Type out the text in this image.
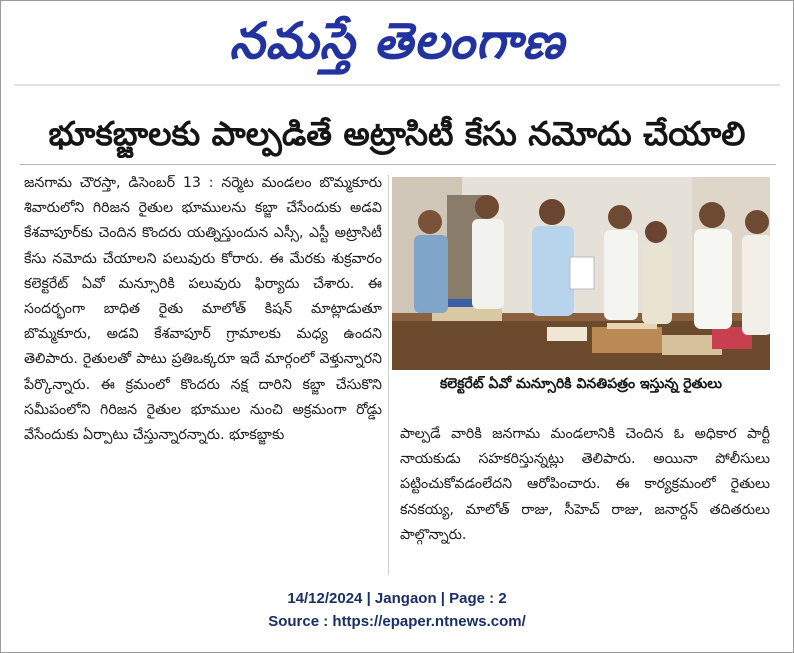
నమస్తే తెలంగాణ
భూకబ్జాలకు పాల్పడితే అట్రాసిటీ కేసు నమోదు చేయాలి

జనగామ చౌరస్తా, డిసెంబర్ 13 : నర్మెట మండలం బొమ్మకూరు శివారులోని గిరిజన రైతుల భూములను కబ్జా చేసేందుకు అడవి కేశవాపూర్‌కు చెందిన కొందరు యత్నిస్తుందున ఎస్సీ, ఎస్టీ అట్రాసిటీ కేసు నమోదు చేయాలని పలువురు కోరారు. ఈ మేరకు శుక్రవారం కలెక్టరేట్ ఏవో మన్సూరికి పలువురు ఫిర్యాదు చేశారు. ఈ సందర్భంగా బాధిత రైతు మాలోత్ కిషన్ మాట్లాడుతూ బొమ్మకూరు, అడవి కేశవాపూర్ గ్రామాలకు మధ్య ఉందని తెలిపారు. రైతులతో పాటు ప్రతిఒక్కరూ ఇదే మార్గంలో వెళ్తున్నారని పేర్కొన్నారు. ఈ క్రమంలో కొందరు నక్ష దారిని కబ్జా చేసుకొని సమీపంలోని గిరిజన రైతుల భూముల నుంచి అక్రమంగా రోడ్డు వేసేందుకు ఏర్పాటు చేస్తున్నారన్నారు. భూకబ్జాకు

కలెక్టరేట్ ఏవో మన్సూరికి వినతిపత్రం ఇస్తున్న రైతులు

పాల్పడే వారికి జనగామ మండలానికి చెందిన ఓ అధికార పార్టీ నాయకుడు సహకరిస్తున్నట్లు తెలిపారు. అయినా పోలీసులు పట్టించుకోవడంలేదని ఆరోపించారు. ఈ కార్యక్రమంలో రైతులు కనకయ్య, మాలోత్ రాజు, సీహెచ్ రాజు, జనార్దన్ తదితరులు పాల్గొన్నారు.

14/12/2024 | Jangaon | Page : 2
Source : https://epaper.ntnews.com/
